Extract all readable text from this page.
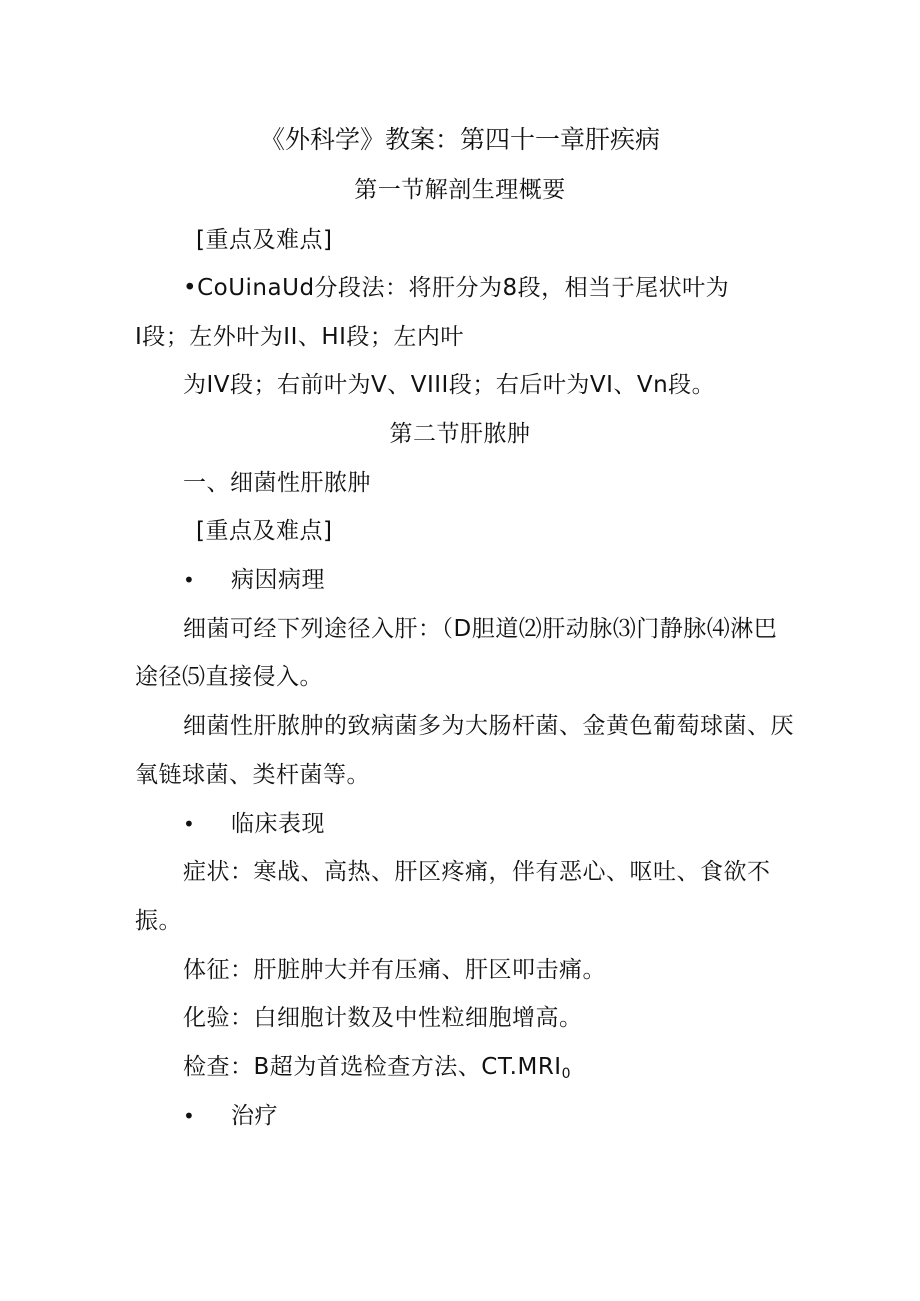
《外科学》教案：第四十一章肝疾病
第一节解剖生理概要
[重点及难点]
•CoUinaUd分段法：将肝分为8段，相当于尾状叶为
I段；左外叶为II、HI段；左内叶
为IV段；右前叶为V、VIII段；右后叶为VI、Vn段。
第二节肝脓肿
一、细菌性肝脓肿
[重点及难点]
• 病因病理
细菌可经下列途径入肝：（D胆道⑵肝动脉⑶门静脉⑷淋巴
途径⑸直接侵入。
细菌性肝脓肿的致病菌多为大肠杆菌、金黄色葡萄球菌、厌
氧链球菌、类杆菌等。
• 临床表现
症状：寒战、高热、肝区疼痛，伴有恶心、呕吐、食欲不
振。
体征：肝脏肿大并有压痛、肝区叩击痛。
化验：白细胞计数及中性粒细胞增高。
检查：B超为首选检查方法、$CT.MRI_0$
• 治疗
